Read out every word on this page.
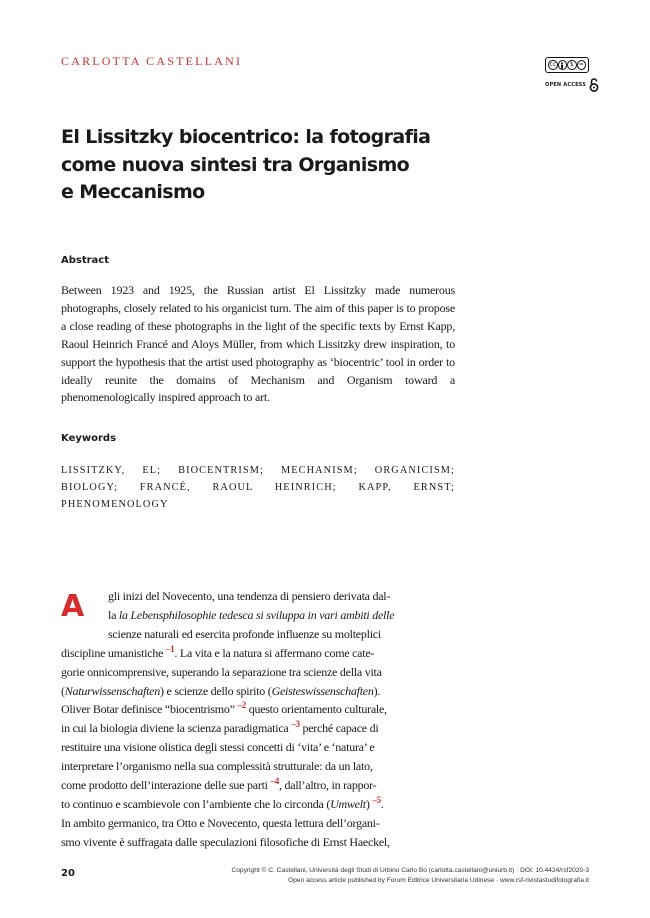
CARLOTTA CASTELLANI	cc	$ =
OPEN ACCESS
El Lissitzky biocentrico: la fotografia
come nuova sintesi tra Organismo
e Meccanismo
Abstract

Between 1923 and 1925, the Russian artist El Lissitzky made numerous photographs, closely related to his organicist turn. The aim of this paper is to propose a close reading of these photographs in the light of the specific texts by Ernst Kapp, Raoul Heinrich Francé and Aloys Müller, from which Lissitzky drew inspiration, to support the hypothesis that the artist used photography as ‘biocentric’ tool in order to ideally reunite the domains of Mechanism and Organism toward a phenomenologically inspired approach to art.

Keywords

LISSITZKY, EL; BIOCENTRISM; MECHANISM; ORGANICISM; BIOLOGY; FRANCÉ, RAOUL HEINRICH; KAPP, ERNST; PHENOMENOLOGY

A	gli inizi del Novecento, una tendenza di pensiero derivata dal-
la la Lebensphilosophie tedesca si sviluppa in vari ambiti delle
scienze naturali ed esercita profonde influenze su molteplici
discipline umanistiche $^{-1}$. La vita e la natura si affermano come cate-
gorie onnicomprensive, superando la separazione tra scienze della vita
(Naturwissenschaften) e scienze dello spirito (Geisteswissenschaften).
Oliver Botar definisce “biocentrismo” $^{-2}$ questo orientamento culturale,
in cui la biologia diviene la scienza paradigmatica $^{-3}$ perché capace di
restituire una visione olistica degli stessi concetti di ‘vita’ e ‘natura’ e
interpretare l’organismo nella sua complessità strutturale: da un lato,
come prodotto dell’interazione delle sue parti $^{-4}$, dall’altro, in rappor-
to continuo e scambievole con l’ambiente che lo circonda (Umwelt) $^{-5}$.
In ambito germanico, tra Otto e Novecento, questa lettura dell’organi-
smo vivente è suffragata dalle speculazioni filosofiche di Ernst Haeckel,
20	Copyright © C. Castellani, Università degli Studi di Urbino Carlo Bo (carlotta.castellani@uniurb.it) · DOI: 10.4424/rsf2020-3
Open access article published by Forum Editrice Universitaria Udinese · www.rsf-rivistastudifotografia.it
